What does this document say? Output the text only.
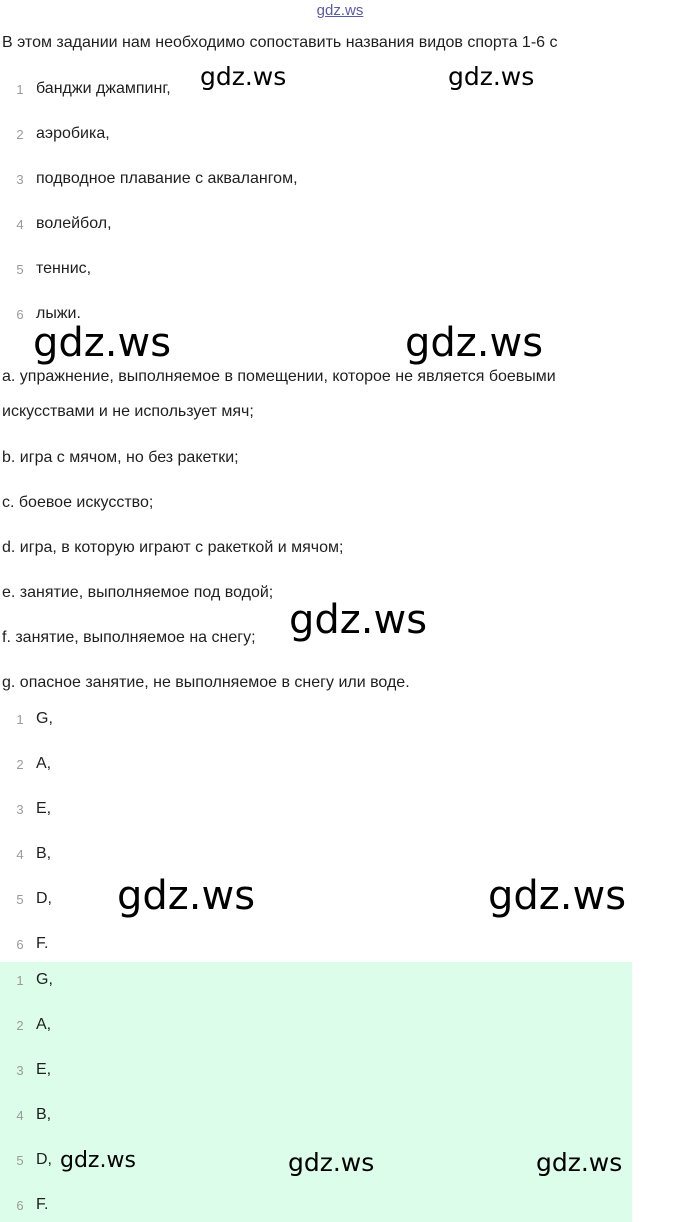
gdz.ws
В этом задании нам необходимо сопоставить названия видов спорта 1-6 с
1 банджи джампинг,
2 аэробика,
3 подводное плавание с аквалангом,
4 волейбол,
5 теннис,
6 лыжи.
a. упражнение, выполняемое в помещении, которое не является боевыми
искусствами и не использует мяч;
b. игра с мячом, но без ракетки;
c. боевое искусство;
d. игра, в которую играют с ракеткой и мячом;
e. занятие, выполняемое под водой;
f. занятие, выполняемое на снегу;
g. опасное занятие, не выполняемое в снегу или воде.
1 G,
2 A,
3 E,
4 B,
5 D,
6 F.
1 G,
2 A,
3 E,
4 B,
5 D,
6 F.
gdz.ws	gdz.ws
gdz.ws	gdz.ws
gdz.ws
gdz.ws	gdz.ws
gdz.ws	gdz.ws	gdz.ws
